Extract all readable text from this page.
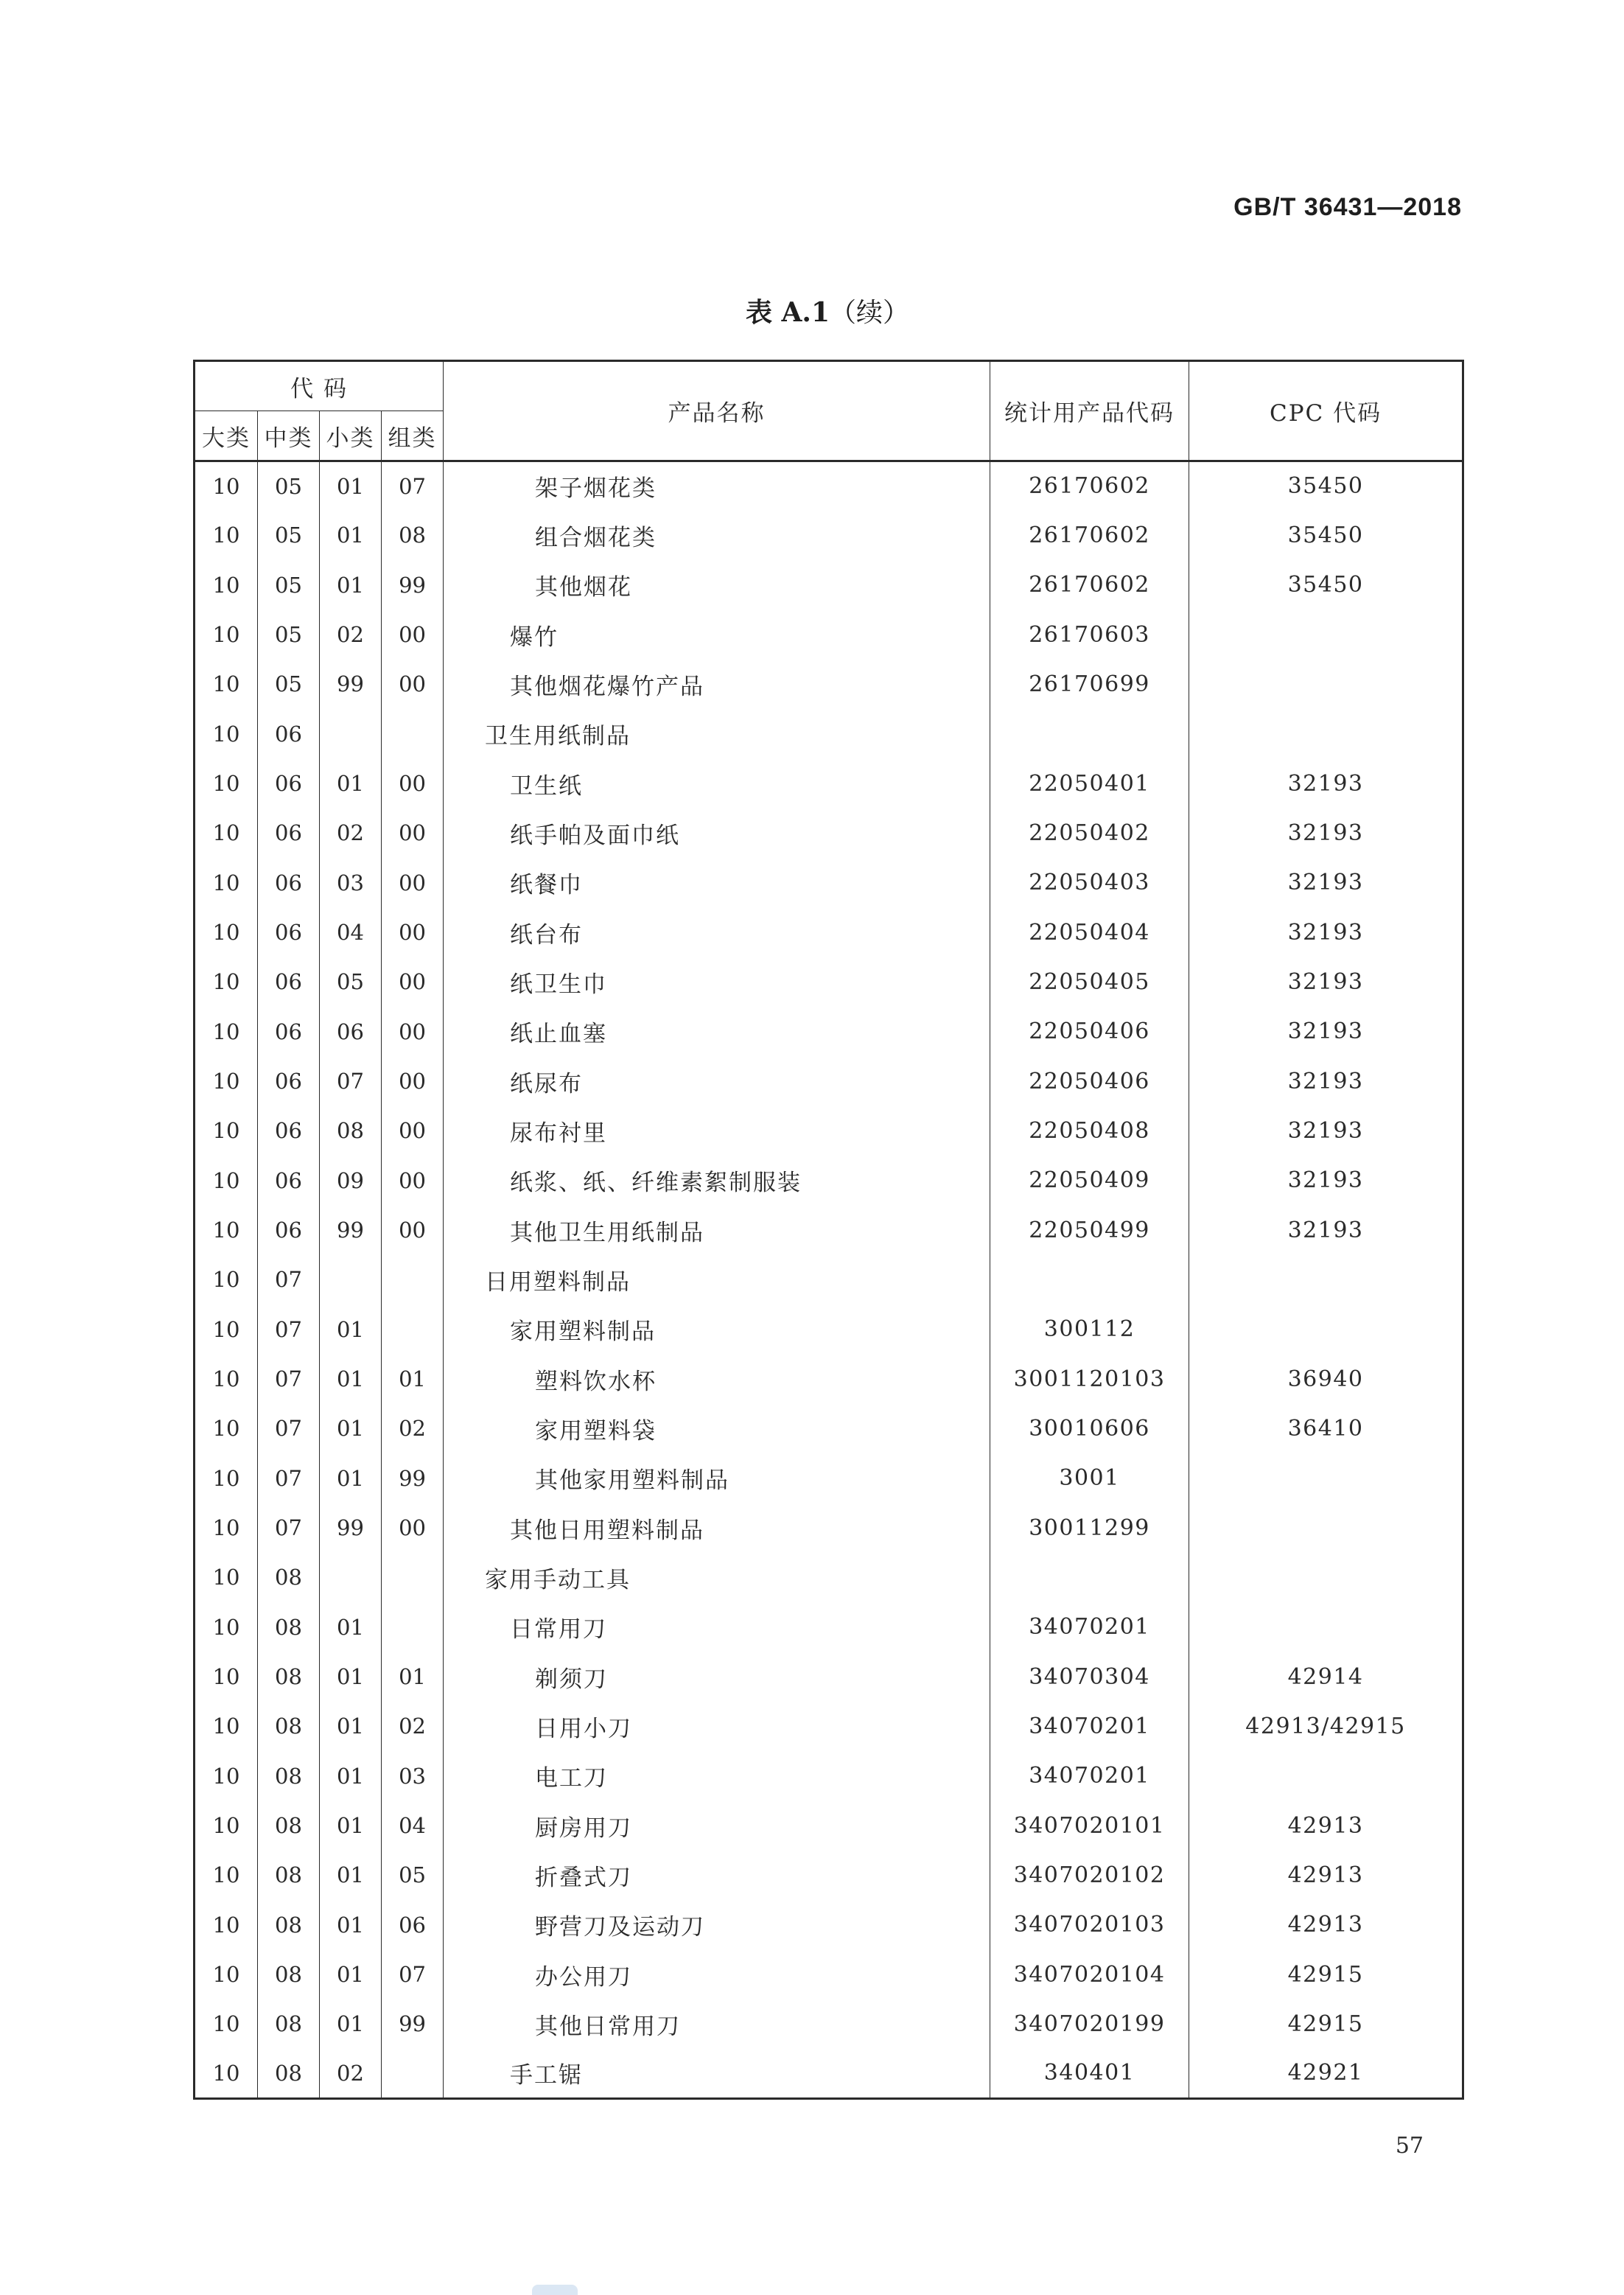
GB/T 36431—2018
表 A.1（续）
代 码				产品名称	统计用产品代码	CPC 代码
大类	中类	小类	组类			
10	05	01	07	架子烟花类	26170602	35450
10	05	01	08	组合烟花类	26170602	35450
10	05	01	99	其他烟花	26170602	35450
10	05	02	00	爆竹	26170603	
10	05	99	00	其他烟花爆竹产品	26170699	
10	06			卫生用纸制品		
10	06	01	00	卫生纸	22050401	32193
10	06	02	00	纸手帕及面巾纸	22050402	32193
10	06	03	00	纸餐巾	22050403	32193
10	06	04	00	纸台布	22050404	32193
10	06	05	00	纸卫生巾	22050405	32193
10	06	06	00	纸止血塞	22050406	32193
10	06	07	00	纸尿布	22050406	32193
10	06	08	00	尿布衬里	22050408	32193
10	06	09	00	纸浆、纸、纤维素絮制服装	22050409	32193
10	06	99	00	其他卫生用纸制品	22050499	32193
10	07			日用塑料制品		
10	07	01		家用塑料制品	300112	
10	07	01	01	塑料饮水杯	3001120103	36940
10	07	01	02	家用塑料袋	30010606	36410
10	07	01	99	其他家用塑料制品	3001	
10	07	99	00	其他日用塑料制品	30011299	
10	08			家用手动工具		
10	08	01		日常用刀	34070201	
10	08	01	01	剃须刀	34070304	42914
10	08	01	02	日用小刀	34070201	42913/42915
10	08	01	03	电工刀	34070201	
10	08	01	04	厨房用刀	3407020101	42913
10	08	01	05	折叠式刀	3407020102	42913
10	08	01	06	野营刀及运动刀	3407020103	42913
10	08	01	07	办公用刀	3407020104	42915
10	08	01	99	其他日常用刀	3407020199	42915
10	08	02		手工锯	340401	42921
57
